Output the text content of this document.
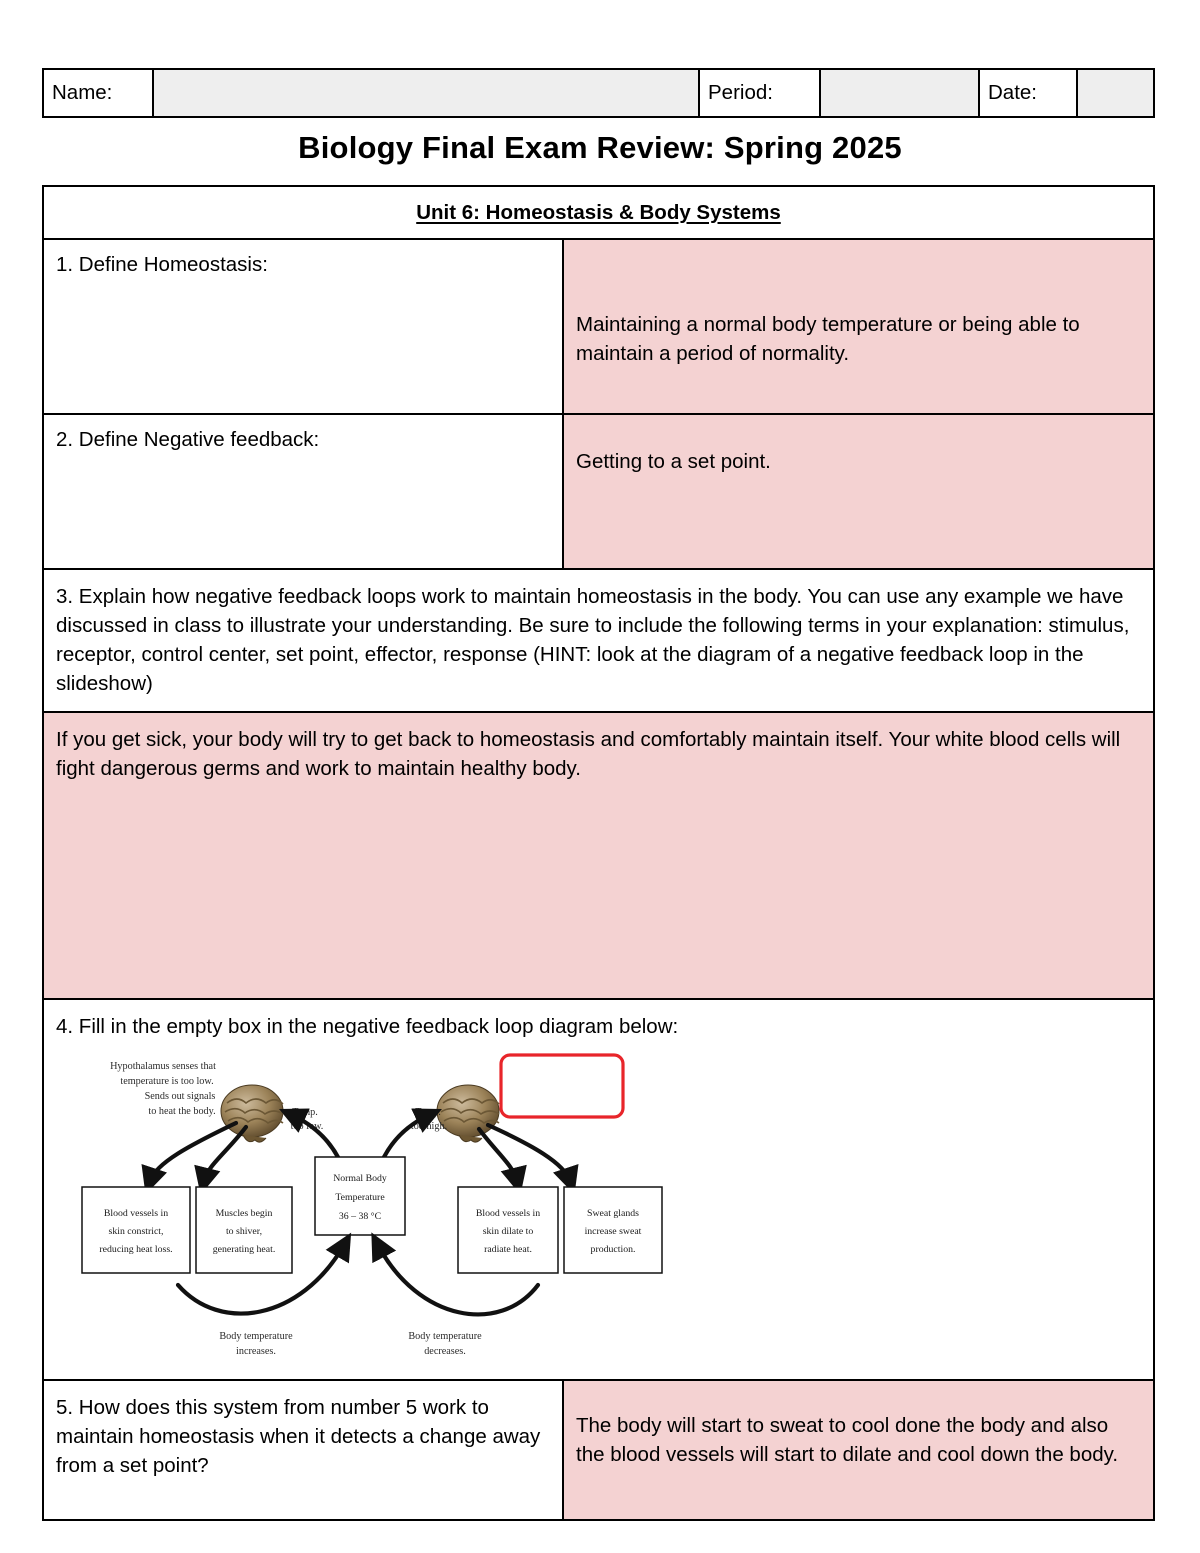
Name:		Period:		Date:	
Biology Final Exam Review: Spring 2025
Unit 6: Homeostasis & Body Systems	
1. Define Homeostasis:	Maintaining a normal body temperature or being able to maintain a period of normality.
2. Define Negative feedback:	Getting to a set point.
3. Explain how negative feedback loops work to maintain homeostasis in the body. You can use any example we have discussed in class to illustrate your understanding. Be sure to include the following terms in your explanation: stimulus, receptor, control center, set point, effector, response (HINT: look at the diagram of a negative feedback loop in the slideshow)	
If you get sick, your body will try to get back to homeostasis and comfortably maintain itself. Your white blood cells will fight dangerous germs and work to maintain healthy body.	

4. Fill in the empty box in the negative feedback loop diagram below:
Hypothalamus senses that
temperature is too low.
Sends out signals
to heat the body.	Temp.
too low.
Temp.
too high.
Blood vessels in
skin constrict,
reducing heat loss.
Muscles begin
to shiver,
generating heat.
Normal Body
Temperature
36 – 38 °C	Blood vessels in
skin dilate to
radiate heat.
Sweat glands
increase sweat
production.
Body temperature
increases.
Body temperature
decreases.

5. How does this system from number 5 work to maintain homeostasis when it detects a change away from a set point?	The body will start to sweat to cool done the body and also the blood vessels will start to dilate and cool down the body.
